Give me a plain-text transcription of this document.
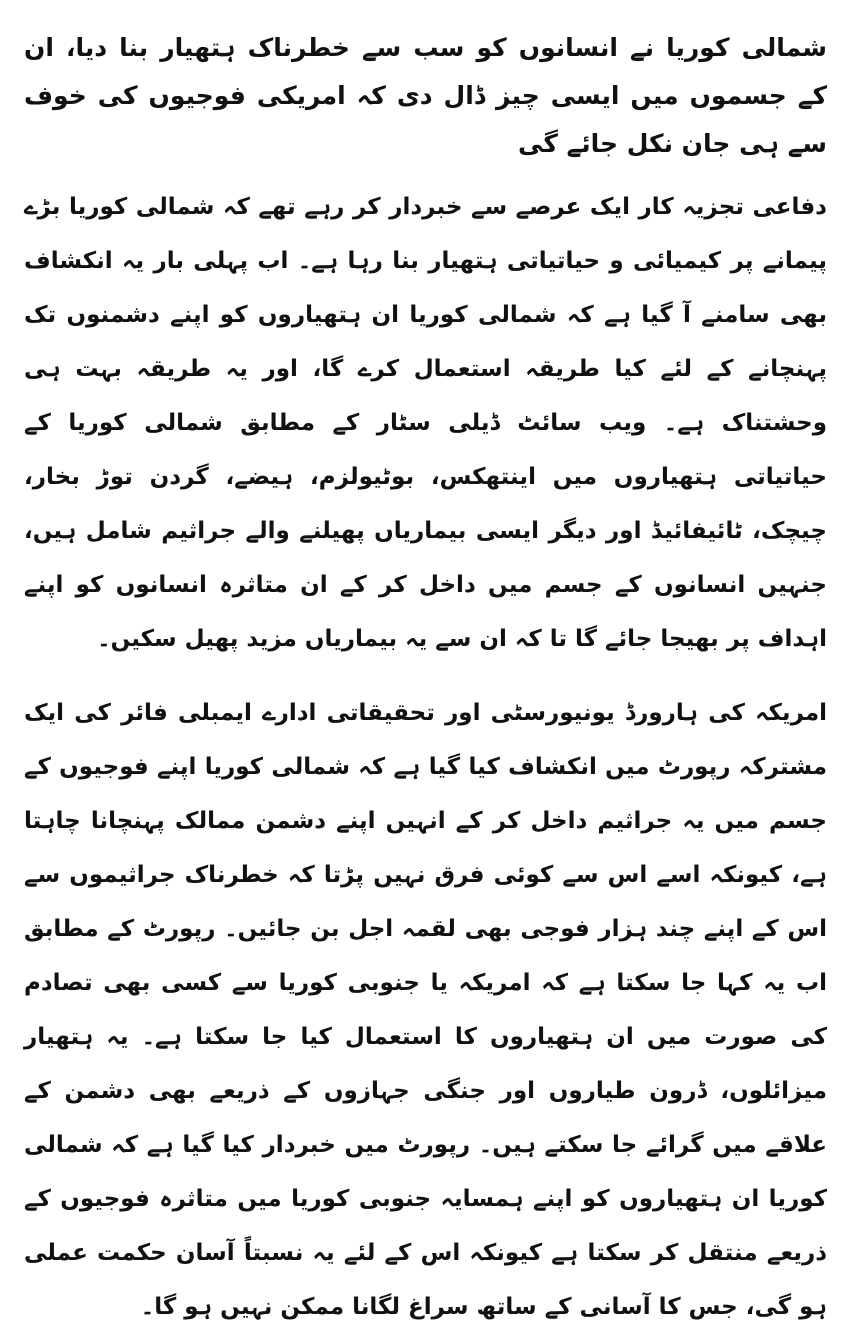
شمالی کوریا نے انسانوں کو سب سے خطرناک ہتھیار بنا دیا، ان کے جسموں میں ایسی چیز ڈال دی کہ امریکی فوجیوں کی خوف سے ہی جان نکل جائے گی

دفاعی تجزیہ کار ایک عرصے سے خبردار کر رہے تھے کہ شمالی کوریا بڑے پیمانے پر کیمیائی و حیاتیاتی ہتھیار بنا رہا ہے۔ اب پہلی بار یہ انکشاف بھی سامنے آ گیا ہے کہ شمالی کوریا ان ہتھیاروں کو اپنے دشمنوں تک پہنچانے کے لئے کیا طریقہ استعمال کرے گا، اور یہ طریقہ بہت ہی وحشتناک ہے۔ ویب سائٹ ڈیلی سٹار کے مطابق شمالی کوریا کے حیاتیاتی ہتھیاروں میں اینتھکس، بوٹیولزم، ہیضے، گردن توڑ بخار، چیچک، ٹائیفائیڈ اور دیگر ایسی بیماریاں پھیلنے والے جراثیم شامل ہیں، جنہیں انسانوں کے جسم میں داخل کر کے ان متاثرہ انسانوں کو اپنے اہداف پر بھیجا جائے گا تا کہ ان سے یہ بیماریاں مزید پھیل سکیں۔

امریکہ کی ہارورڈ یونیورسٹی اور تحقیقاتی ادارے ایمبلی فائر کی ایک مشترکہ رپورٹ میں انکشاف کیا گیا ہے کہ شمالی کوریا اپنے فوجیوں کے جسم میں یہ جراثیم داخل کر کے انہیں اپنے دشمن ممالک پہنچانا چاہتا ہے، کیونکہ اسے اس سے کوئی فرق نہیں پڑتا کہ خطرناک جراثیموں سے اس کے اپنے چند ہزار فوجی بھی لقمہ اجل بن جائیں۔ رپورٹ کے مطابق اب یہ کہا جا سکتا ہے کہ امریکہ یا جنوبی کوریا سے کسی بھی تصادم کی صورت میں ان ہتھیاروں کا استعمال کیا جا سکتا ہے۔ یہ ہتھیار میزائلوں، ڈرون طیاروں اور جنگی جہازوں کے ذریعے بھی دشمن کے علاقے میں گرائے جا سکتے ہیں۔ رپورٹ میں خبردار کیا گیا ہے کہ شمالی کوریا ان ہتھیاروں کو اپنے ہمسایہ جنوبی کوریا میں متاثرہ فوجیوں کے ذریعے منتقل کر سکتا ہے کیونکہ اس کے لئے یہ نسبتاً آسان حکمت عملی ہو گی، جس کا آسانی کے ساتھ سراغ لگانا ممکن نہیں ہو گا۔
